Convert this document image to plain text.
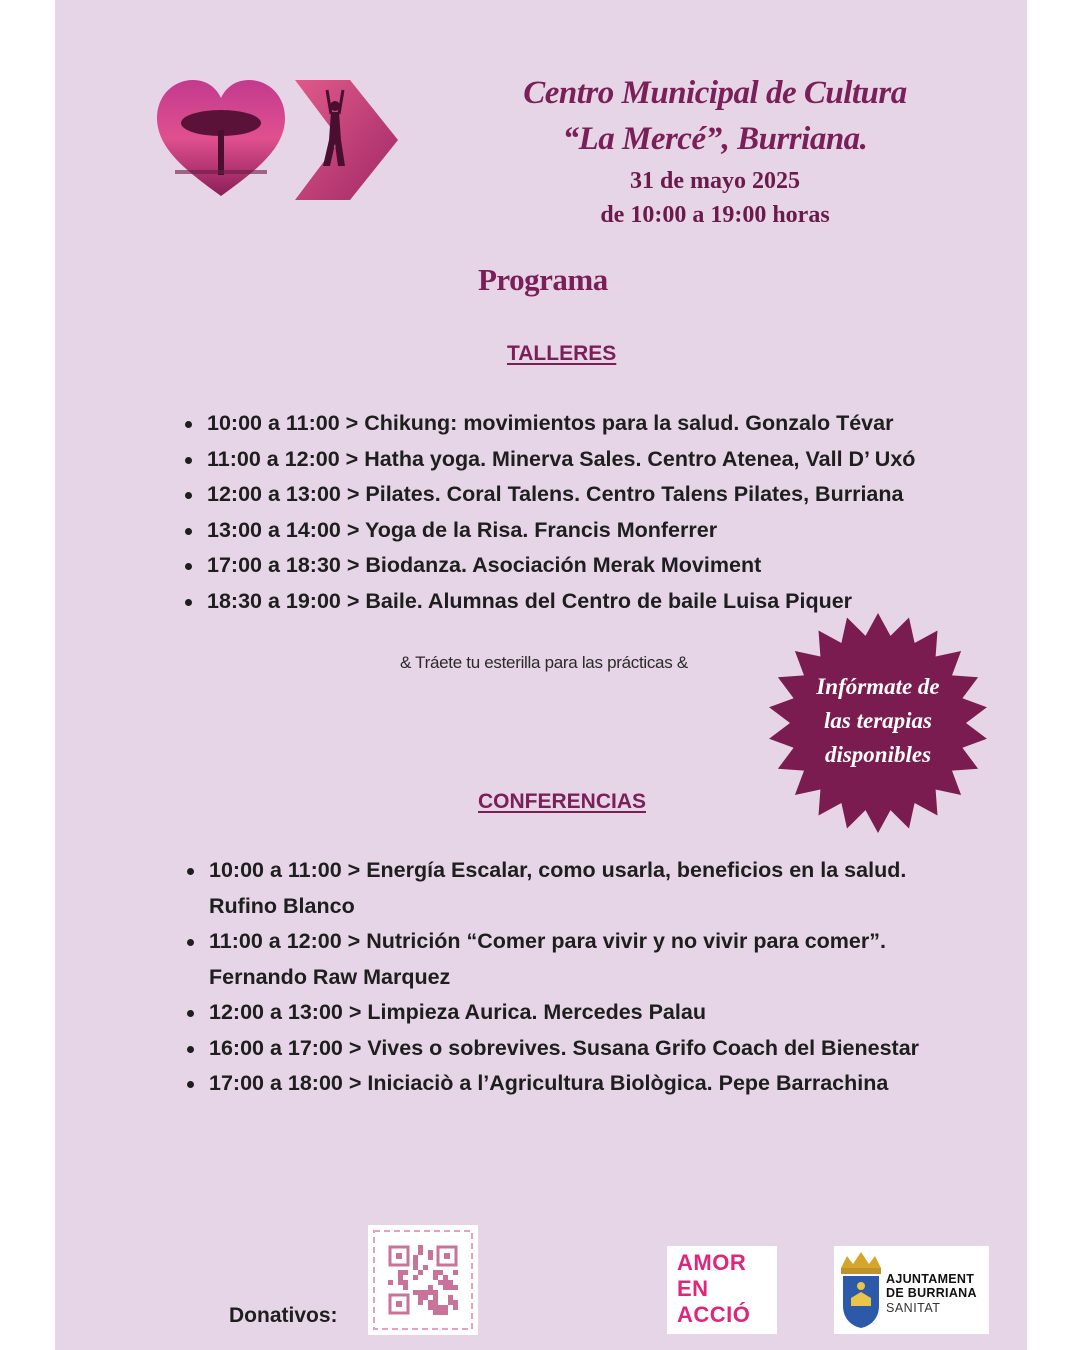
Centro Municipal de Cultura
“La Mercé”, Burriana.
31 de mayo 2025
de 10:00 a 19:00 horas
Programa
TALLERES
10:00 a 11:00 > Chikung: movimientos para la salud. Gonzalo Tévar
11:00 a 12:00 > Hatha yoga. Minerva Sales. Centro Atenea, Vall D’ Uxó
12:00 a 13:00 > Pilates. Coral Talens. Centro Talens Pilates, Burriana
13:00 a 14:00 > Yoga de la Risa. Francis Monferrer
17:00 a 18:30 > Biodanza. Asociación Merak Moviment
18:30 a 19:00 > Baile. Alumnas del Centro de baile Luisa Piquer
& Tráete tu esterilla para las prácticas &
Infórmate de
las terapias
disponibles
CONFERENCIAS
10:00 a 11:00 > Energía Escalar, como usarla, beneficios en la salud.
Rufino Blanco
11:00 a 12:00 > Nutrición “Comer para vivir y no vivir para comer”.
Fernando Raw Marquez
12:00 a 13:00 > Limpieza Aurica. Mercedes Palau
16:00 a 17:00 > Vives o sobrevives. Susana Grifo Coach del Bienestar
17:00 a 18:00 > Iniciaciò a l’Agricultura Biològica. Pepe Barrachina
Donativos:
AMOR
EN
ACCIÓ
AJUNTAMENT
DE BURRIANA
SANITAT
